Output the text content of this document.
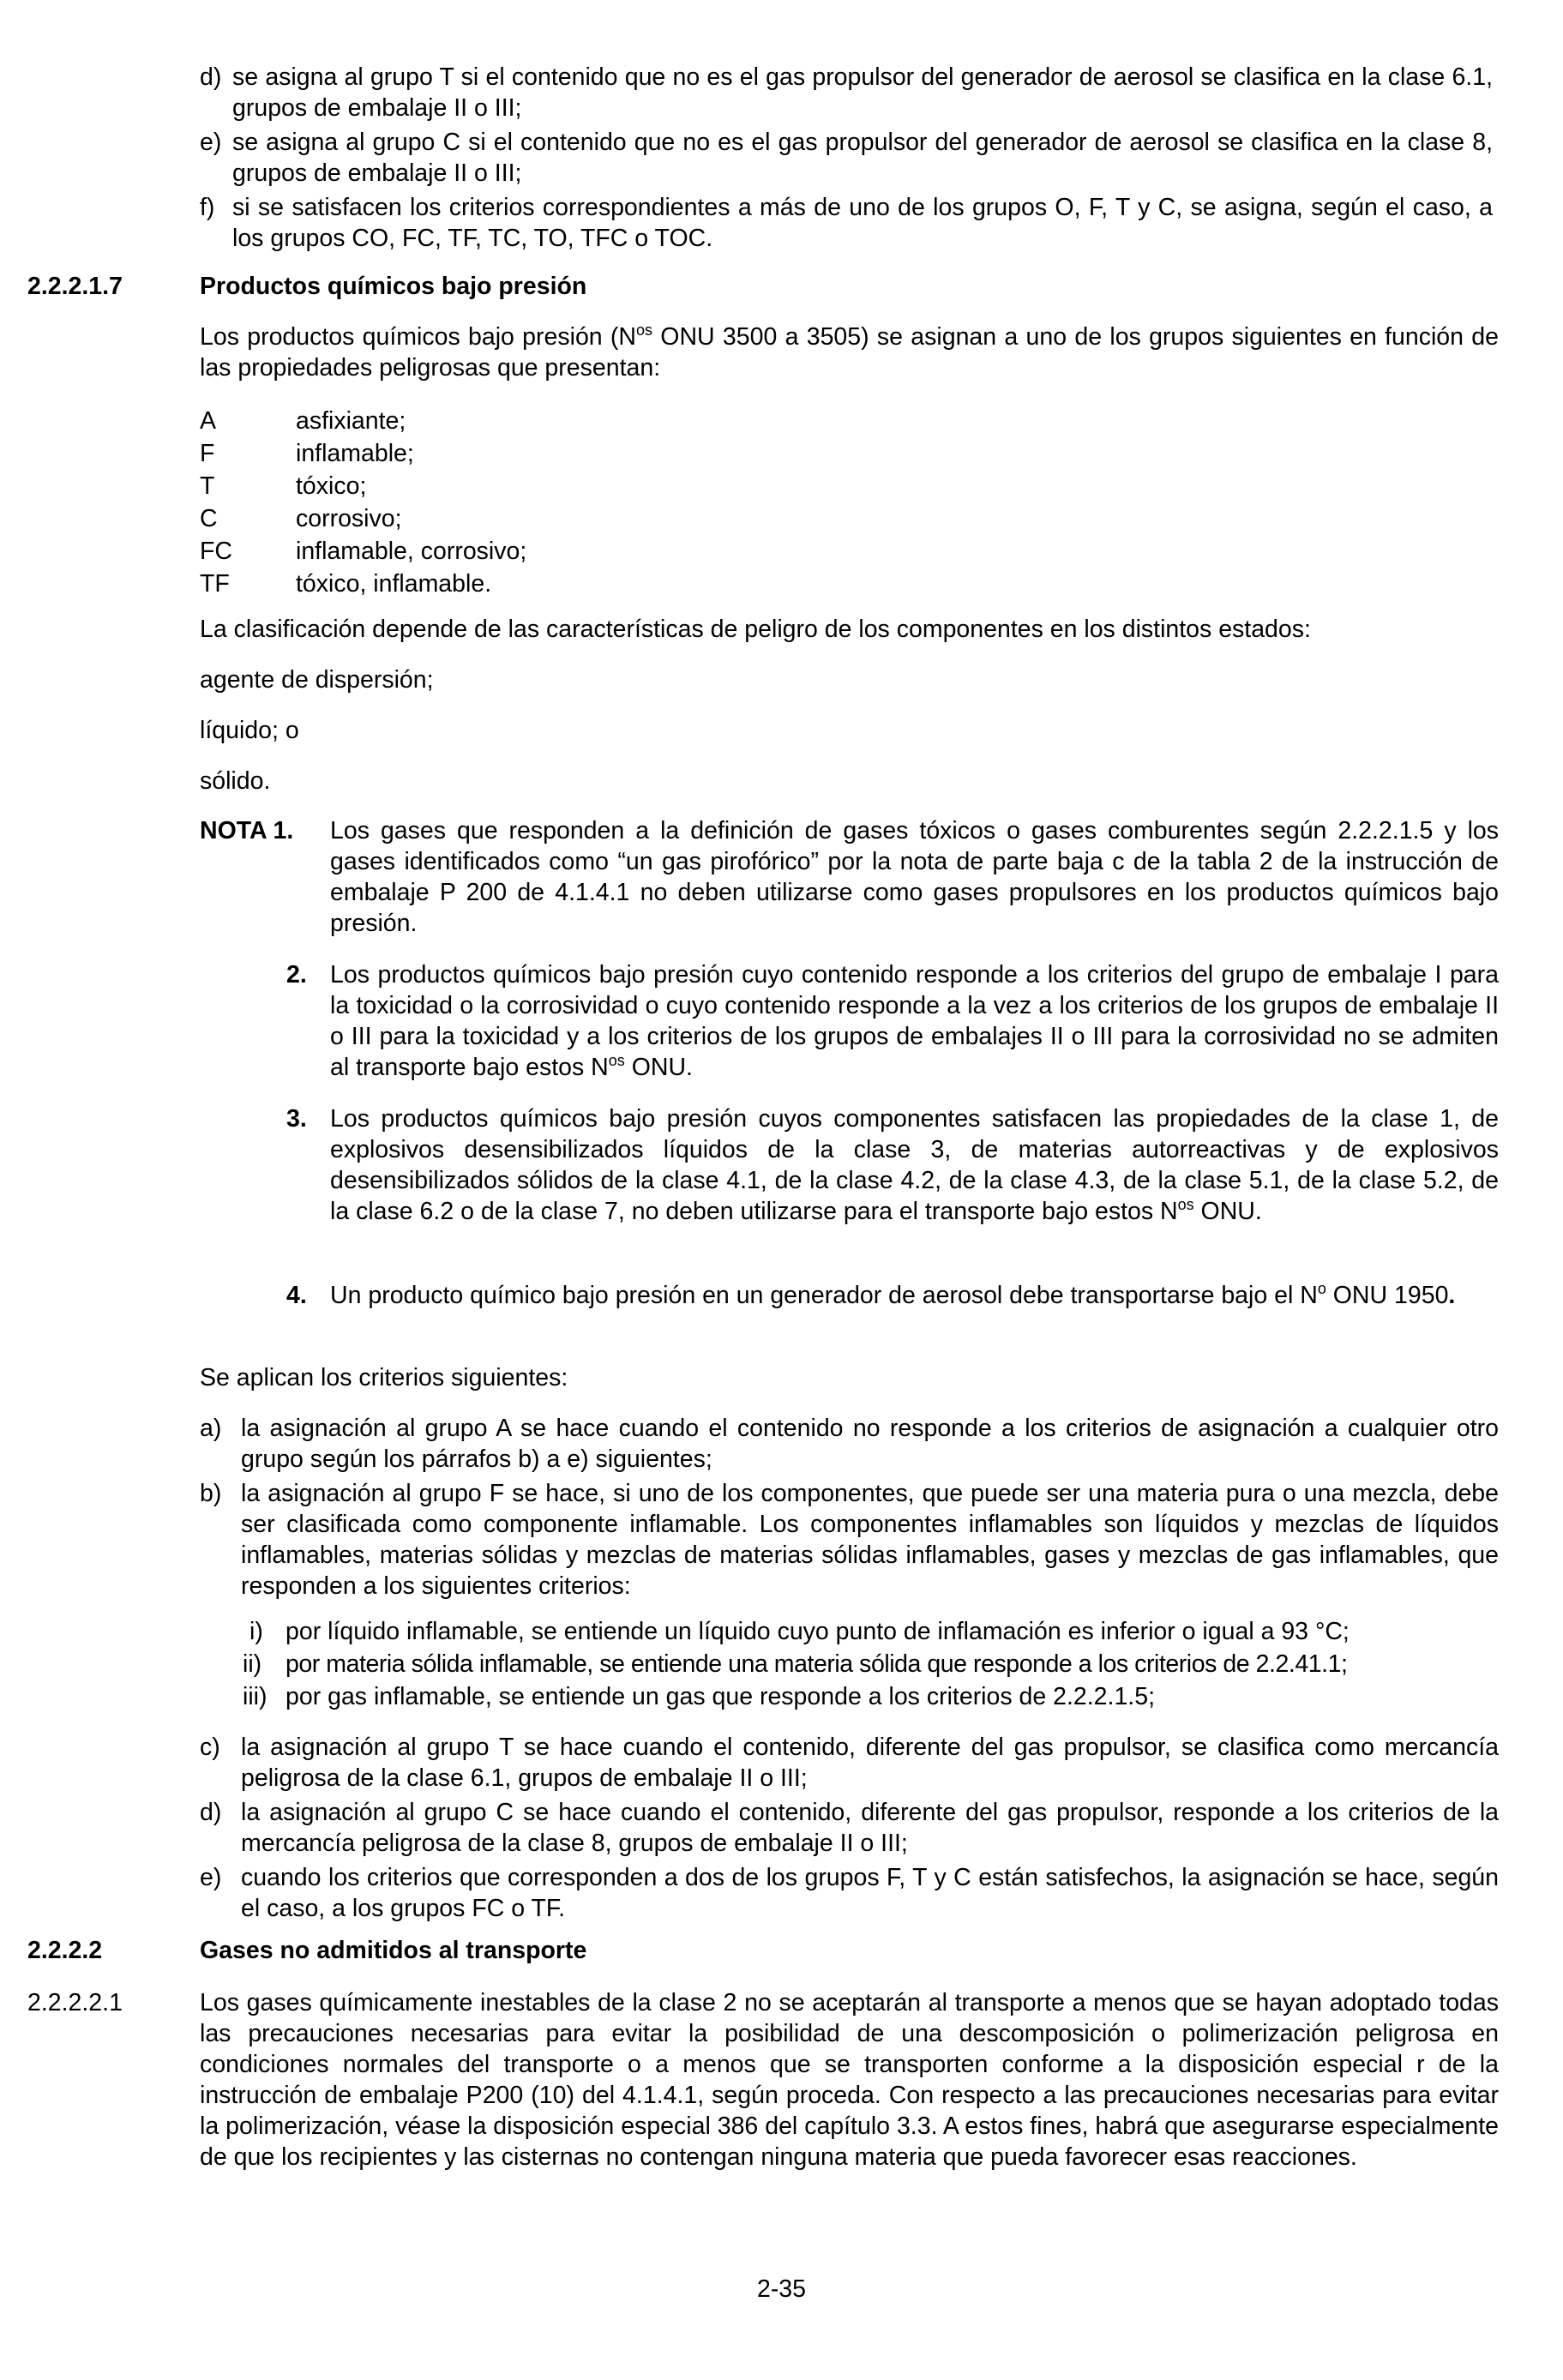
d) se asigna al grupo T si el contenido que no es el gas propulsor del generador de aerosol se clasifica en la clase 6.1, grupos de embalaje II o III;
e) se asigna al grupo C si el contenido que no es el gas propulsor del generador de aerosol se clasifica en la clase 8, grupos de embalaje II o III;
f) si se satisfacen los criterios correspondientes a más de uno de los grupos O, F, T y C, se asigna, según el caso, a los grupos CO, FC, TF, TC, TO, TFC o TOC.
2.2.2.1.7	Productos químicos bajo presión
Los productos químicos bajo presión ($N^{os}$ ONU 3500 a 3505) se asignan a uno de los grupos siguientes en función de las propiedades peligrosas que presentan:
A	asfixiante;
F	inflamable;
T	tóxico;
C	corrosivo;
FC	inflamable, corrosivo;
TF	tóxico, inflamable.
La clasificación depende de las características de peligro de los componentes en los distintos estados:
agente de dispersión;
líquido; o
sólido.
NOTA 1. Los gases que responden a la definición de gases tóxicos o gases comburentes según 2.2.2.1.5 y los gases identificados como “un gas pirofórico” por la nota de parte baja c de la tabla 2 de la instrucción de embalaje P 200 de 4.1.4.1 no deben utilizarse como gases propulsores en los productos químicos bajo presión.
2. Los productos químicos bajo presión cuyo contenido responde a los criterios del grupo de embalaje I para la toxicidad o la corrosividad o cuyo contenido responde a la vez a los criterios de los grupos de embalaje II o III para la toxicidad y a los criterios de los grupos de embalajes II o III para la corrosividad no se admiten al transporte bajo estos $N^{os}$ ONU.
3. Los productos químicos bajo presión cuyos componentes satisfacen las propiedades de la clase 1, de explosivos desensibilizados líquidos de la clase 3, de materias autorreactivas y de explosivos desensibilizados sólidos de la clase 4.1, de la clase 4.2, de la clase 4.3, de la clase 5.1, de la clase 5.2, de la clase 6.2 o de la clase 7, no deben utilizarse para el transporte bajo estos $N^{os}$ ONU.
4. Un producto químico bajo presión en un generador de aerosol debe transportarse bajo el $N^o$ ONU 1950.
Se aplican los criterios siguientes:
a) la asignación al grupo A se hace cuando el contenido no responde a los criterios de asignación a cualquier otro grupo según los párrafos b) a e) siguientes;
b) la asignación al grupo F se hace, si uno de los componentes, que puede ser una materia pura o una mezcla, debe ser clasificada como componente inflamable. Los componentes inflamables son líquidos y mezclas de líquidos inflamables, materias sólidas y mezclas de materias sólidas inflamables, gases y mezclas de gas inflamables, que responden a los siguientes criterios:
i) por líquido inflamable, se entiende un líquido cuyo punto de inflamación es inferior o igual a 93 °C;
ii) por materia sólida inflamable, se entiende una materia sólida que responde a los criterios de 2.2.41.1;
iii) por gas inflamable, se entiende un gas que responde a los criterios de 2.2.2.1.5;
c) la asignación al grupo T se hace cuando el contenido, diferente del gas propulsor, se clasifica como mercancía peligrosa de la clase 6.1, grupos de embalaje II o III;
d) la asignación al grupo C se hace cuando el contenido, diferente del gas propulsor, responde a los criterios de la mercancía peligrosa de la clase 8, grupos de embalaje II o III;
e) cuando los criterios que corresponden a dos de los grupos F, T y C están satisfechos, la asignación se hace, según el caso, a los grupos FC o TF.
2.2.2.2	Gases no admitidos al transporte
2.2.2.2.1	Los gases químicamente inestables de la clase 2 no se aceptarán al transporte a menos que se hayan adoptado todas las precauciones necesarias para evitar la posibilidad de una descomposición o polimerización peligrosa en condiciones normales del transporte o a menos que se transporten conforme a la disposición especial r de la instrucción de embalaje P200 (10) del 4.1.4.1, según proceda. Con respecto a las precauciones necesarias para evitar la polimerización, véase la disposición especial 386 del capítulo 3.3. A estos fines, habrá que asegurarse especialmente de que los recipientes y las cisternas no contengan ninguna materia que pueda favorecer esas reacciones.
2-35
